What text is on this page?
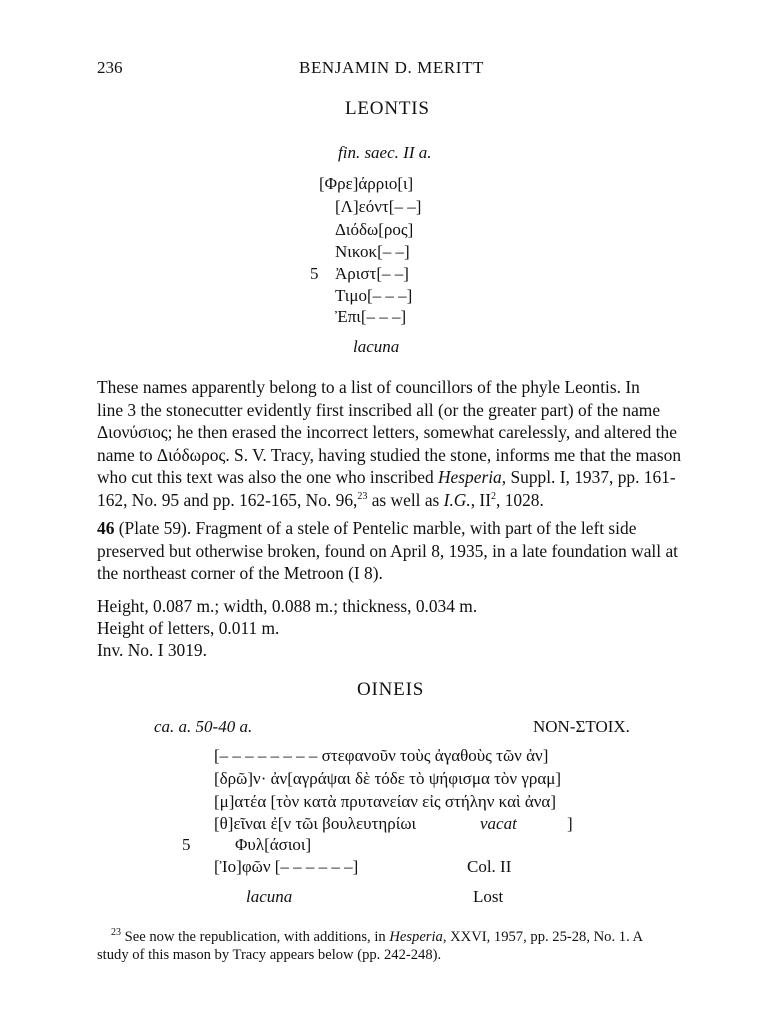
236	BENJAMIN D. MERITT
LEONTIS
fin. saec. II a.
[Φρε]άρριο[ι]
[Λ]εόντ[– –]
Διόδω[ρος]
Νικοκ[– –]
5 Ἀριστ[– –]
Τιμο[– – –]
Ἐπι[– – –]
lacuna
These names apparently belong to a list of councillors of the phyle Leontis. In
line 3 the stonecutter evidently first inscribed all (or the greater part) of the name
Διονύσιος; he then erased the incorrect letters, somewhat carelessly, and altered the
name to Διόδωρος. S. V. Tracy, having studied the stone, informs me that the mason
who cut this text was also the one who inscribed Hesperia, Suppl. I, 1937, pp. 161-
162, No. 95 and pp. 162-165, No. 96,23 as well as I.G., $II^2$, 1028.
46 (Plate 59). Fragment of a stele of Pentelic marble, with part of the left side
preserved but otherwise broken, found on April 8, 1935, in a late foundation wall at
the northeast corner of the Metroon (I 8).
Height, 0.087 m.; width, 0.088 m.; thickness, 0.034 m.
Height of letters, 0.011 m.
Inv. No. I 3019.
OINEIS
ca. a. 50-40 a.	NON-ΣΤΟΙΧ.
[– – – – – – – – στεφανοῦν τοὺς ἀγαθοὺς τῶν ἀν]
[δρῶ]ν· ἀν[αγράψαι δὲ τόδε τὸ ψήφισμα τὸν γραμ]
[μ]ατέα [τὸν κατὰ πρυτανείαν εἰς στήλην καὶ ἀνα]
[θ]εῖναι ἐ[ν τῶι βουλευτηρίωι	vacat	]
5	Φυλ[άσιοι]
[Ἰο]φῶν [– – – – – –]	Col. II
lacuna	Lost
$^{23}$ See now the republication, with additions, in Hesperia, XXVI, 1957, pp. 25-28, No. 1. A
study of this mason by Tracy appears below (pp. 242-248).
